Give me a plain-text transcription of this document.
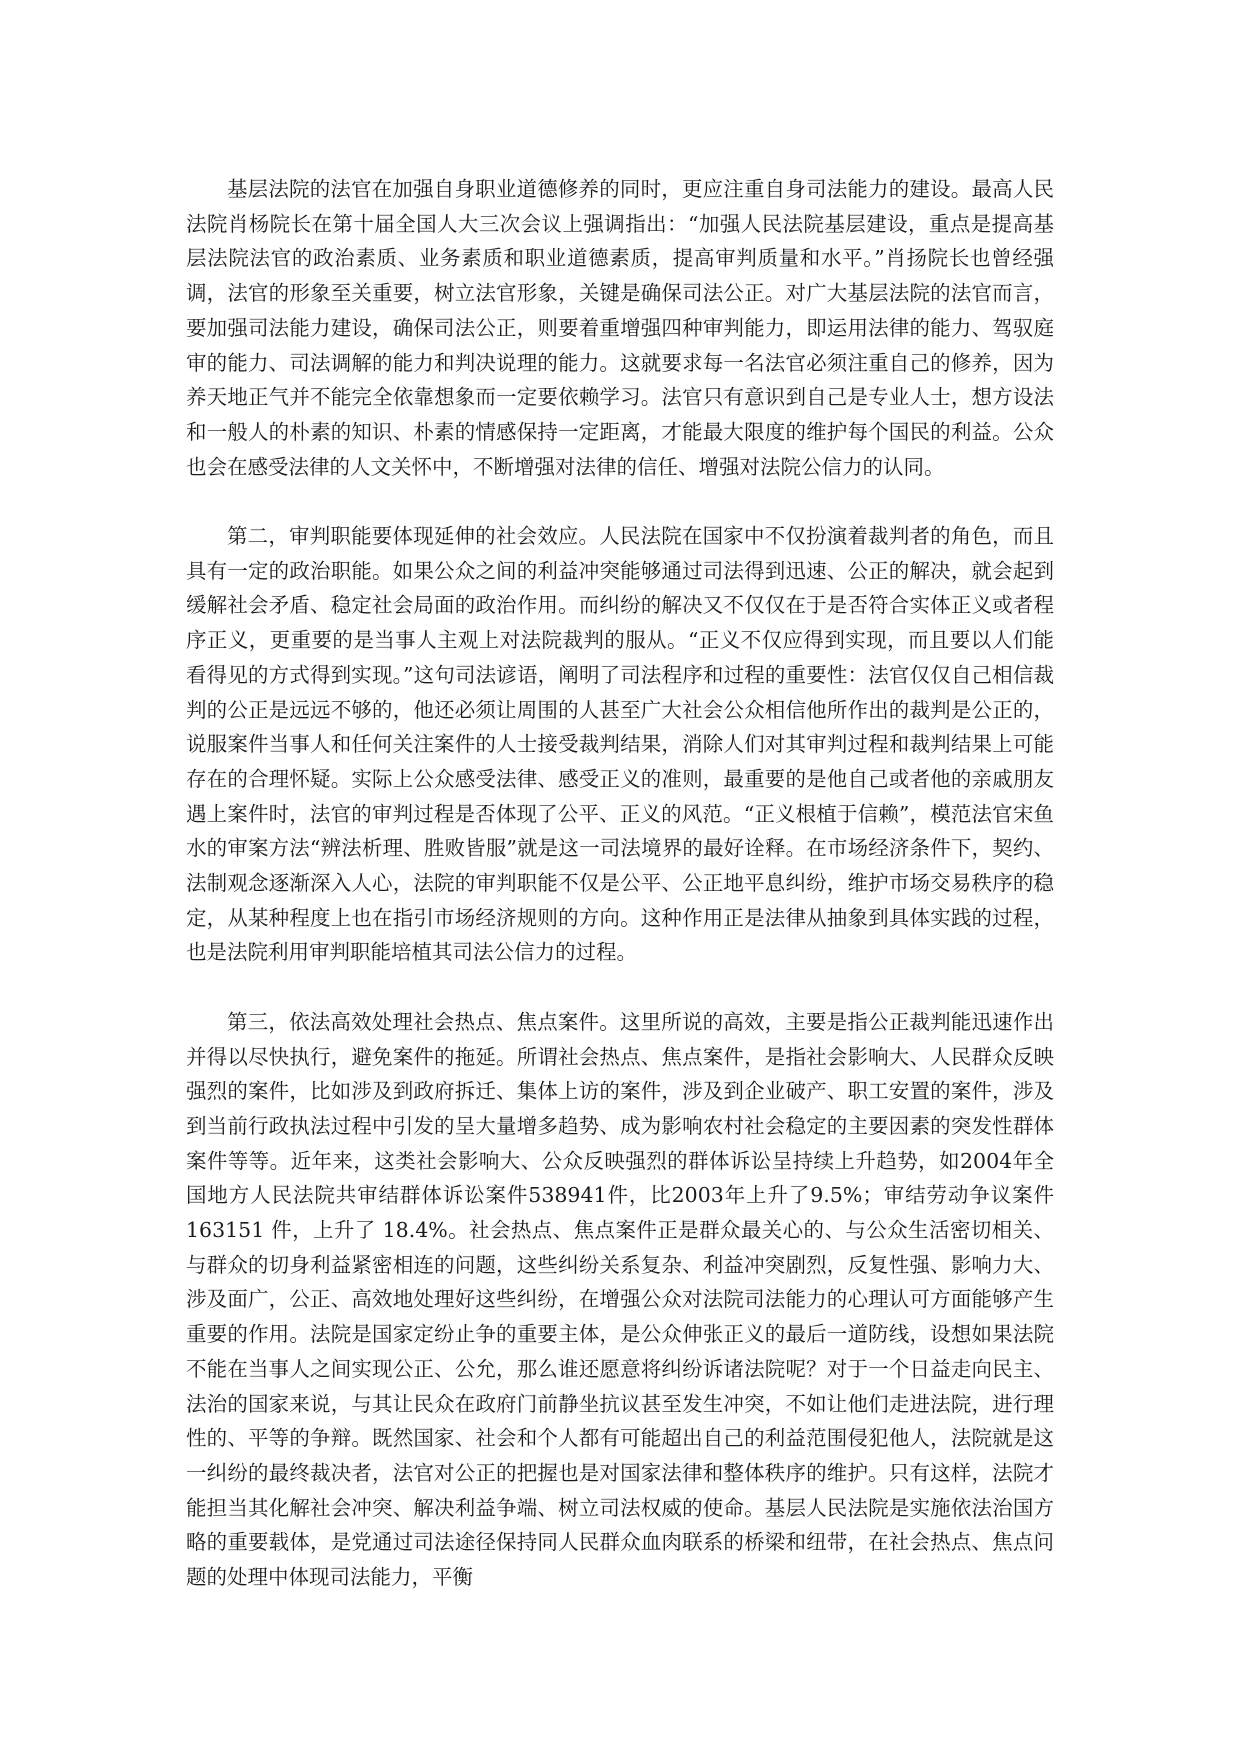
基层法院的法官在加强自身职业道德修养的同时，更应注重自身司法能力的建设。最高人民法院肖杨院长在第十届全国人大三次会议上强调指出：“加强人民法院基层建设，重点是提高基层法院法官的政治素质、业务素质和职业道德素质，提高审判质量和水平。”肖扬院长也曾经强调，法官的形象至关重要，树立法官形象，关键是确保司法公正。对广大基层法院的法官而言，要加强司法能力建设，确保司法公正，则要着重增强四种审判能力，即运用法律的能力、驾驭庭审的能力、司法调解的能力和判决说理的能力。这就要求每一名法官必须注重自己的修养，因为养天地正气并不能完全依靠想象而一定要依赖学习。法官只有意识到自己是专业人士，想方设法和一般人的朴素的知识、朴素的情感保持一定距离，才能最大限度的维护每个国民的利益。公众也会在感受法律的人文关怀中，不断增强对法律的信任、增强对法院公信力的认同。

第二，审判职能要体现延伸的社会效应。人民法院在国家中不仅扮演着裁判者的角色，而且具有一定的政治职能。如果公众之间的利益冲突能够通过司法得到迅速、公正的解决，就会起到缓解社会矛盾、稳定社会局面的政治作用。而纠纷的解决又不仅仅在于是否符合实体正义或者程序正义，更重要的是当事人主观上对法院裁判的服从。“正义不仅应得到实现，而且要以人们能看得见的方式得到实现。”这句司法谚语，阐明了司法程序和过程的重要性：法官仅仅自己相信裁判的公正是远远不够的，他还必须让周围的人甚至广大社会公众相信他所作出的裁判是公正的，说服案件当事人和任何关注案件的人士接受裁判结果，消除人们对其审判过程和裁判结果上可能存在的合理怀疑。实际上公众感受法律、感受正义的准则，最重要的是他自己或者他的亲戚朋友遇上案件时，法官的审判过程是否体现了公平、正义的风范。“正义根植于信赖”，模范法官宋鱼水的审案方法“辨法析理、胜败皆服”就是这一司法境界的最好诠释。在市场经济条件下，契约、法制观念逐渐深入人心，法院的审判职能不仅是公平、公正地平息纠纷，维护市场交易秩序的稳定，从某种程度上也在指引市场经济规则的方向。这种作用正是法律从抽象到具体实践的过程，也是法院利用审判职能培植其司法公信力的过程。

第三，依法高效处理社会热点、焦点案件。这里所说的高效，主要是指公正裁判能迅速作出并得以尽快执行，避免案件的拖延。所谓社会热点、焦点案件，是指社会影响大、人民群众反映强烈的案件，比如涉及到政府拆迁、集体上访的案件，涉及到企业破产、职工安置的案件，涉及到当前行政执法过程中引发的呈大量增多趋势、成为影响农村社会稳定的主要因素的突发性群体案件等等。近年来，这类社会影响大、公众反映强烈的群体诉讼呈持续上升趋势，如2004年全国地方人民法院共审结群体诉讼案件538941件，比2003年上升了9.5%；审结劳动争议案件 163151 件，上升了 18.4%。社会热点、焦点案件正是群众最关心的、与公众生活密切相关、与群众的切身利益紧密相连的问题，这些纠纷关系复杂、利益冲突剧烈，反复性强、影响力大、涉及面广，公正、高效地处理好这些纠纷，在增强公众对法院司法能力的心理认可方面能够产生重要的作用。法院是国家定纷止争的重要主体，是公众伸张正义的最后一道防线，设想如果法院不能在当事人之间实现公正、公允，那么谁还愿意将纠纷诉诸法院呢？对于一个日益走向民主、法治的国家来说，与其让民众在政府门前静坐抗议甚至发生冲突，不如让他们走进法院，进行理性的、平等的争辩。既然国家、社会和个人都有可能超出自己的利益范围侵犯他人，法院就是这一纠纷的最终裁决者，法官对公正的把握也是对国家法律和整体秩序的维护。只有这样，法院才能担当其化解社会冲突、解决利益争端、树立司法权威的使命。基层人民法院是实施依法治国方略的重要载体，是党通过司法途径保持同人民群众血肉联系的桥梁和纽带，在社会热点、焦点问题的处理中体现司法能力，平衡
